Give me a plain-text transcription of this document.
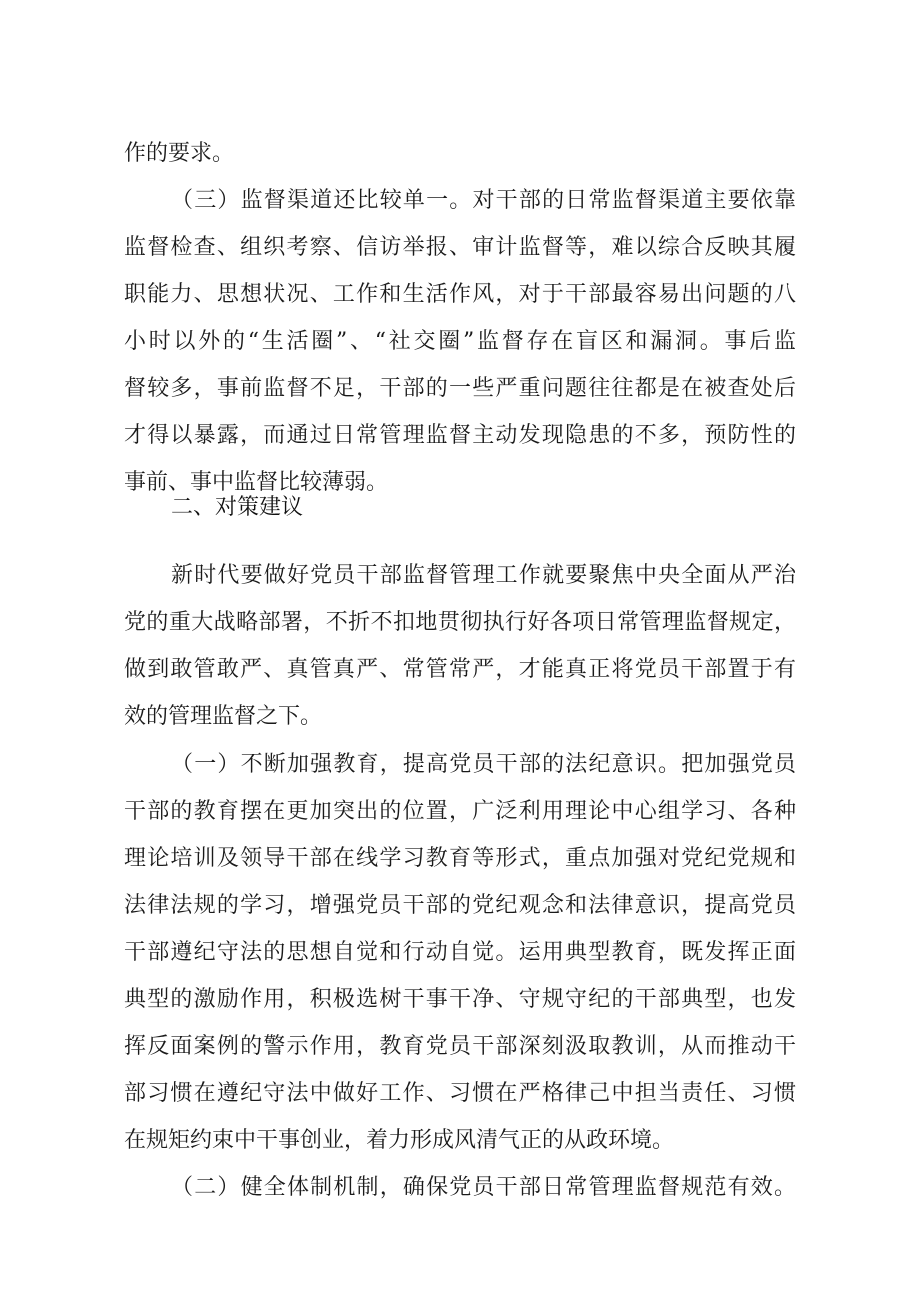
作的要求。
（三）监督渠道还比较单一。对干部的日常监督渠道主要依靠
监督检查、组织考察、信访举报、审计监督等，难以综合反映其履
职能力、思想状况、工作和生活作风，对于干部最容易出问题的八
小时以外的“生活圈”、“社交圈”监督存在盲区和漏洞。事后监
督较多，事前监督不足，干部的一些严重问题往往都是在被查处后
才得以暴露，而通过日常管理监督主动发现隐患的不多，预防性的
事前、事中监督比较薄弱。
二、对策建议
新时代要做好党员干部监督管理工作就要聚焦中央全面从严治
党的重大战略部署，不折不扣地贯彻执行好各项日常管理监督规定，
做到敢管敢严、真管真严、常管常严，才能真正将党员干部置于有
效的管理监督之下。
（一）不断加强教育，提高党员干部的法纪意识。把加强党员
干部的教育摆在更加突出的位置，广泛利用理论中心组学习、各种
理论培训及领导干部在线学习教育等形式，重点加强对党纪党规和
法律法规的学习，增强党员干部的党纪观念和法律意识，提高党员
干部遵纪守法的思想自觉和行动自觉。运用典型教育，既发挥正面
典型的激励作用，积极选树干事干净、守规守纪的干部典型，也发
挥反面案例的警示作用，教育党员干部深刻汲取教训，从而推动干
部习惯在遵纪守法中做好工作、习惯在严格律己中担当责任、习惯
在规矩约束中干事创业，着力形成风清气正的从政环境。
（二）健全体制机制，确保党员干部日常管理监督规范有效。
